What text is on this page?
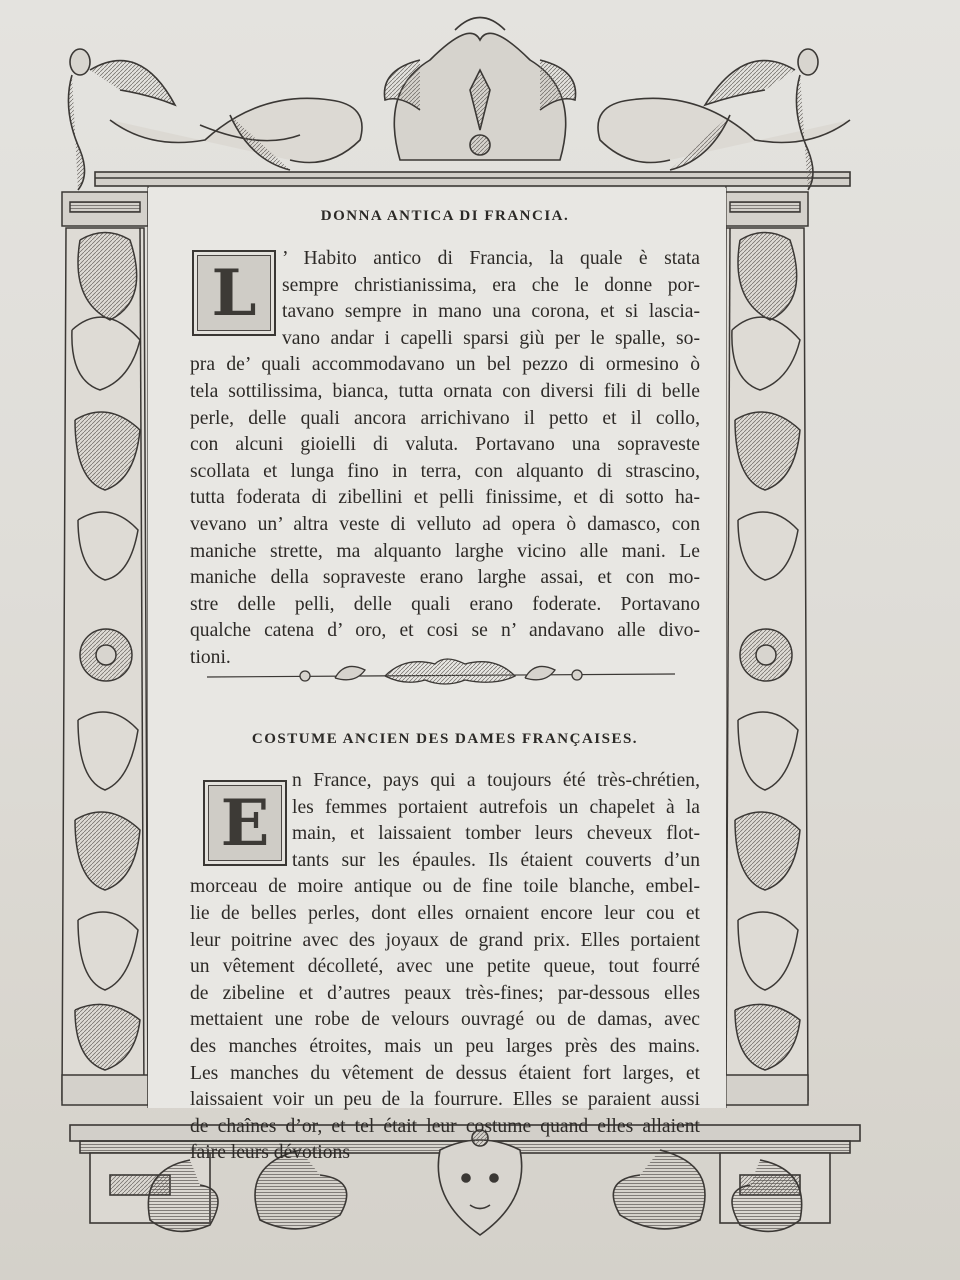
DONNA ANTICA DI FRANCIA.
L	’ Habito antico di Francia, la quale è stata
sempre christianissima, era che le donne por-
tavano sempre in mano una corona, et si lascia-
vano andar i capelli sparsi giù per le spalle, so-
pra de’ quali accommodavano un bel pezzo di ormesino ò
tela sottilissima, bianca, tutta ornata con diversi fili di belle
perle, delle quali ancora arrichivano il petto et il collo,
con alcuni gioielli di valuta. Portavano una sopraveste
scollata et lunga fino in terra, con alquanto di strascino,
tutta foderata di zibellini et pelli finissime, et di sotto ha-
vevano un’ altra veste di velluto ad opera ò damasco, con
maniche strette, ma alquanto larghe vicino alle mani. Le
maniche della sopraveste erano larghe assai, et con mo-
stre delle pelli, delle quali erano foderate. Portavano
qualche catena d’ oro, et cosi se n’ andavano alle divo-
tioni.
COSTUME ANCIEN DES DAMES FRANÇAISES.
E
n France, pays qui a toujours été très-chrétien,
les femmes portaient autrefois un chapelet à la
main, et laissaient tomber leurs cheveux flot-
tants sur les épaules. Ils étaient couverts d’un
morceau de moire antique ou de fine toile blanche, embel-
lie de belles perles, dont elles ornaient encore leur cou et
leur poitrine avec des joyaux de grand prix. Elles portaient
un vêtement décolleté, avec une petite queue, tout fourré
de zibeline et d’autres peaux très-fines; par-dessous elles
mettaient une robe de velours ouvragé ou de damas, avec
des manches étroites, mais un peu larges près des mains.
Les manches du vêtement de dessus étaient fort larges, et
laissaient voir un peu de la fourrure. Elles se paraient aussi
de chaînes d’or, et tel était leur costume quand elles allaient
faire leurs dévotions
